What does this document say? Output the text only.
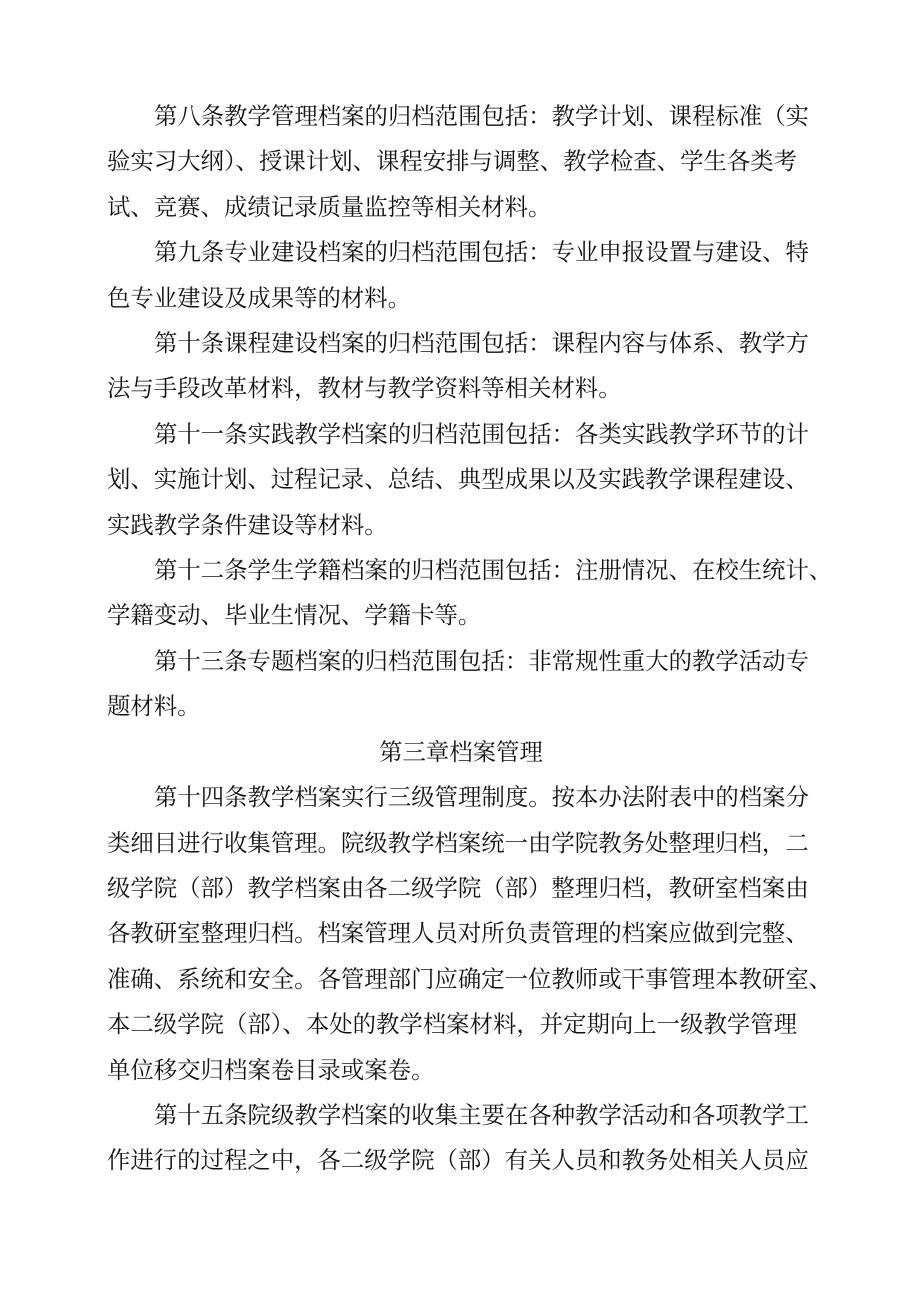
第八条教学管理档案的归档范围包括：教学计划、课程标准（实
验实习大纲）、授课计划、课程安排与调整、教学检查、学生各类考
试、竞赛、成绩记录质量监控等相关材料。
第九条专业建设档案的归档范围包括：专业申报设置与建设、特
色专业建设及成果等的材料。
第十条课程建设档案的归档范围包括：课程内容与体系、教学方
法与手段改革材料，教材与教学资料等相关材料。
第十一条实践教学档案的归档范围包括：各类实践教学环节的计
划、实施计划、过程记录、总结、典型成果以及实践教学课程建设、
实践教学条件建设等材料。
第十二条学生学籍档案的归档范围包括：注册情况、在校生统计、
学籍变动、毕业生情况、学籍卡等。
第十三条专题档案的归档范围包括：非常规性重大的教学活动专
题材料。
第三章档案管理
第十四条教学档案实行三级管理制度。按本办法附表中的档案分
类细目进行收集管理。院级教学档案统一由学院教务处整理归档，二
级学院（部）教学档案由各二级学院（部）整理归档，教研室档案由
各教研室整理归档。档案管理人员对所负责管理的档案应做到完整、
准确、系统和安全。各管理部门应确定一位教师或干事管理本教研室、
本二级学院（部）、本处的教学档案材料，并定期向上一级教学管理
单位移交归档案卷目录或案卷。
第十五条院级教学档案的收集主要在各种教学活动和各项教学工
作进行的过程之中，各二级学院（部）有关人员和教务处相关人员应
